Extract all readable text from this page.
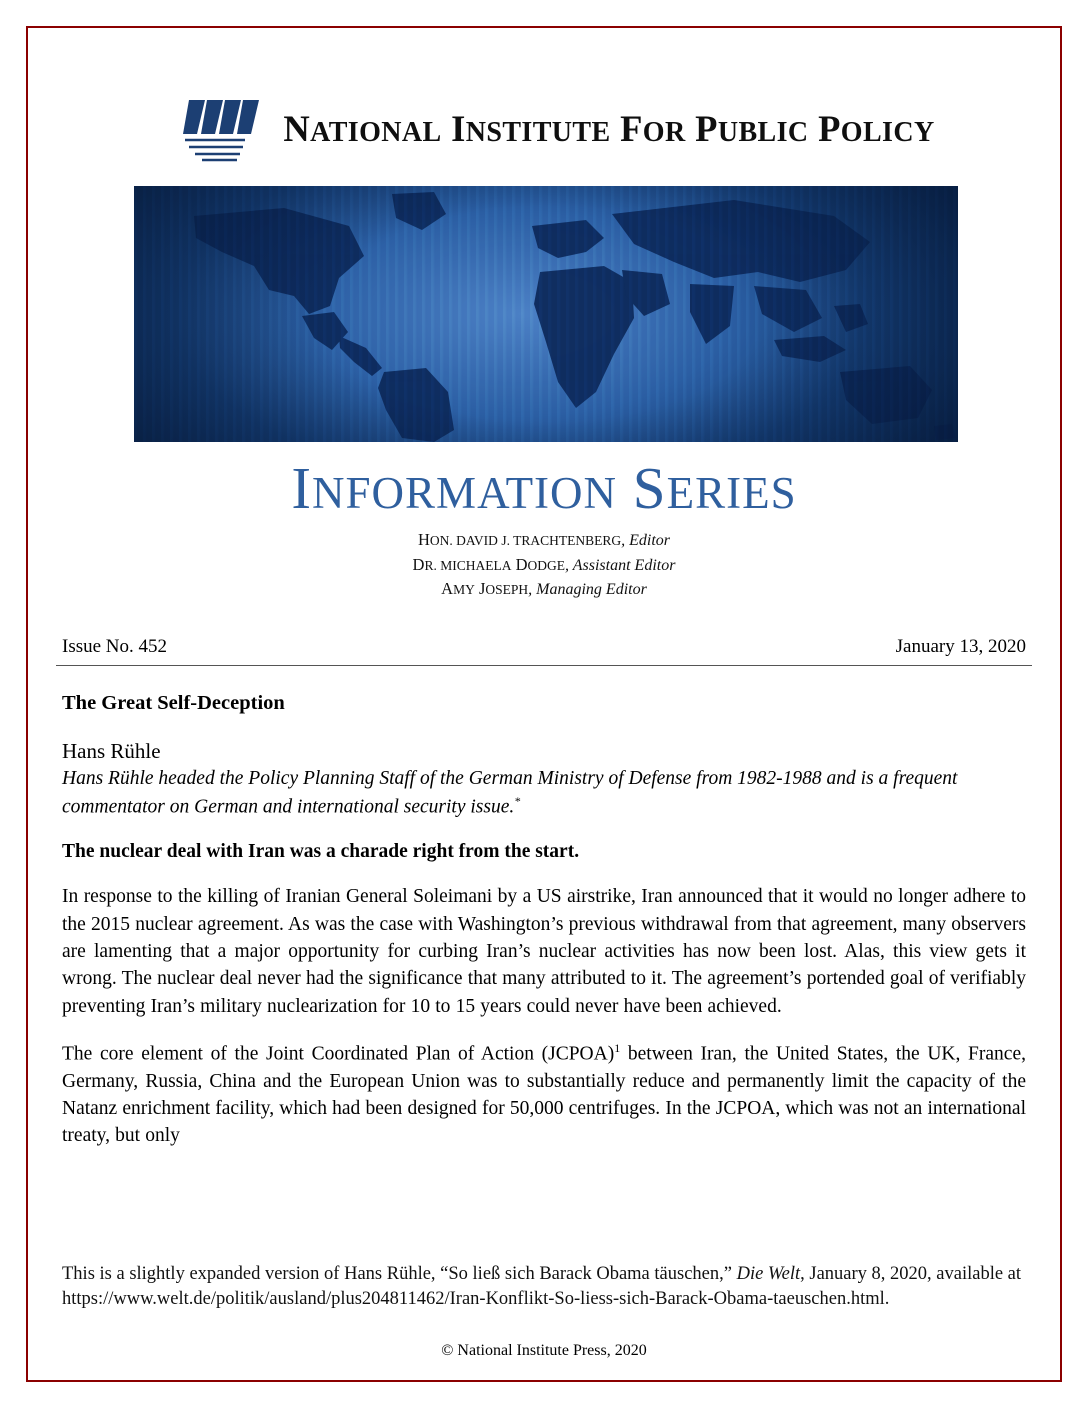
NATIONAL INSTITUTE FOR PUBLIC POLICY
INFORMATION SERIES
HON. DAVID J. TRACHTENBERG, Editor
DR. MICHAELA DODGE, Assistant Editor
AMY JOSEPH, Managing Editor
Issue No. 452	January 13, 2020
The Great Self-Deception
Hans Rühle
Hans Rühle headed the Policy Planning Staff of the German Ministry of Defense from 1982-1988 and is a frequent commentator on German and international security issue.*
The nuclear deal with Iran was a charade right from the start.

In response to the killing of Iranian General Soleimani by a US airstrike, Iran announced that it would no longer adhere to the 2015 nuclear agreement. As was the case with Washington’s previous withdrawal from that agreement, many observers are lamenting that a major opportunity for curbing Iran’s nuclear activities has now been lost. Alas, this view gets it wrong. The nuclear deal never had the significance that many attributed to it. The agreement’s portended goal of verifiably preventing Iran’s military nuclearization for 10 to 15 years could never have been achieved.

The core element of the Joint Coordinated Plan of Action (JCPOA)$^1$ between Iran, the United States, the UK, France, Germany, Russia, China and the European Union was to substantially reduce and permanently limit the capacity of the Natanz enrichment facility, which had been designed for 50,000 centrifuges. In the JCPOA, which was not an international treaty, but only

This is a slightly expanded version of Hans Rühle, “So ließ sich Barack Obama täuschen,” Die Welt, January 8, 2020, available at https://www.welt.de/politik/ausland/plus204811462/Iran-Konflikt-So-liess-sich-Barack-Obama-taeuschen.html.
© National Institute Press, 2020
